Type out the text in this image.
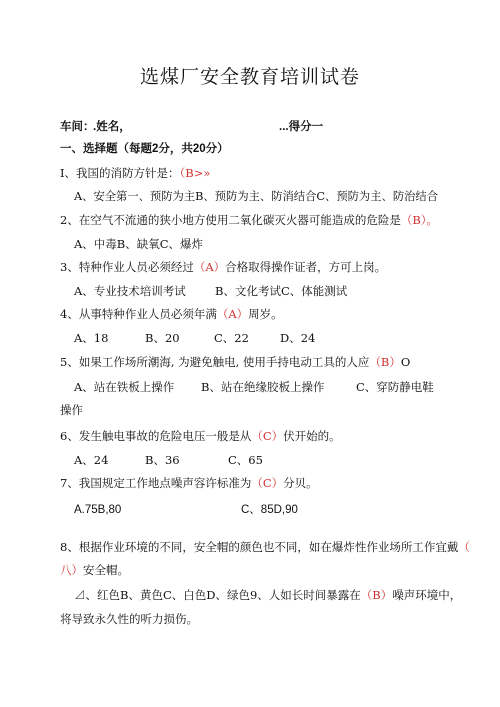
选煤厂安全教育培训试卷
车间：
.姓名，	...得分一
一、选择题（每题2分，共20分）
I、我国的消防方针是：（B>»
A、安全第一、预防为主B、预防为主、防消结合C、预防为主、防治结合
2、在空气不流通的狭小地方使用二氧化碳灭火器可能造成的危险是（B）。
A、中毒B、缺氧C、爆炸
3、特种作业人员必须经过（A）合格取得操作证者，方可上岗。
A、专业技术培训考试	B、文化考试C、体能测试
4、从事特种作业人员必须年满（A）周岁。
A、18	B、20	C、22	D、24
5、如果工作场所潮海, 为避免触电, 使用手持电动工具的人应（B）O
A、站在铁板上操作 B、站在绝缘胶板上操作	C、穿防静电鞋
操作
6、发生触电事故的危险电压一般是从（C）伏开始的。
A、24	B、36	C、65
7、我国规定工作地点噪声容许标准为（C）分贝。
A.75B,80	C、85D,90
8、根据作业环境的不同，安全帽的颜色也不同，如在爆炸性作业场所工作宜戴（
八）安全帽。
⊿、红色B、黄色C、白色D、绿色9、人如长时间暴露在（B）噪声环境中，
将导致永久性的听力损伤。
